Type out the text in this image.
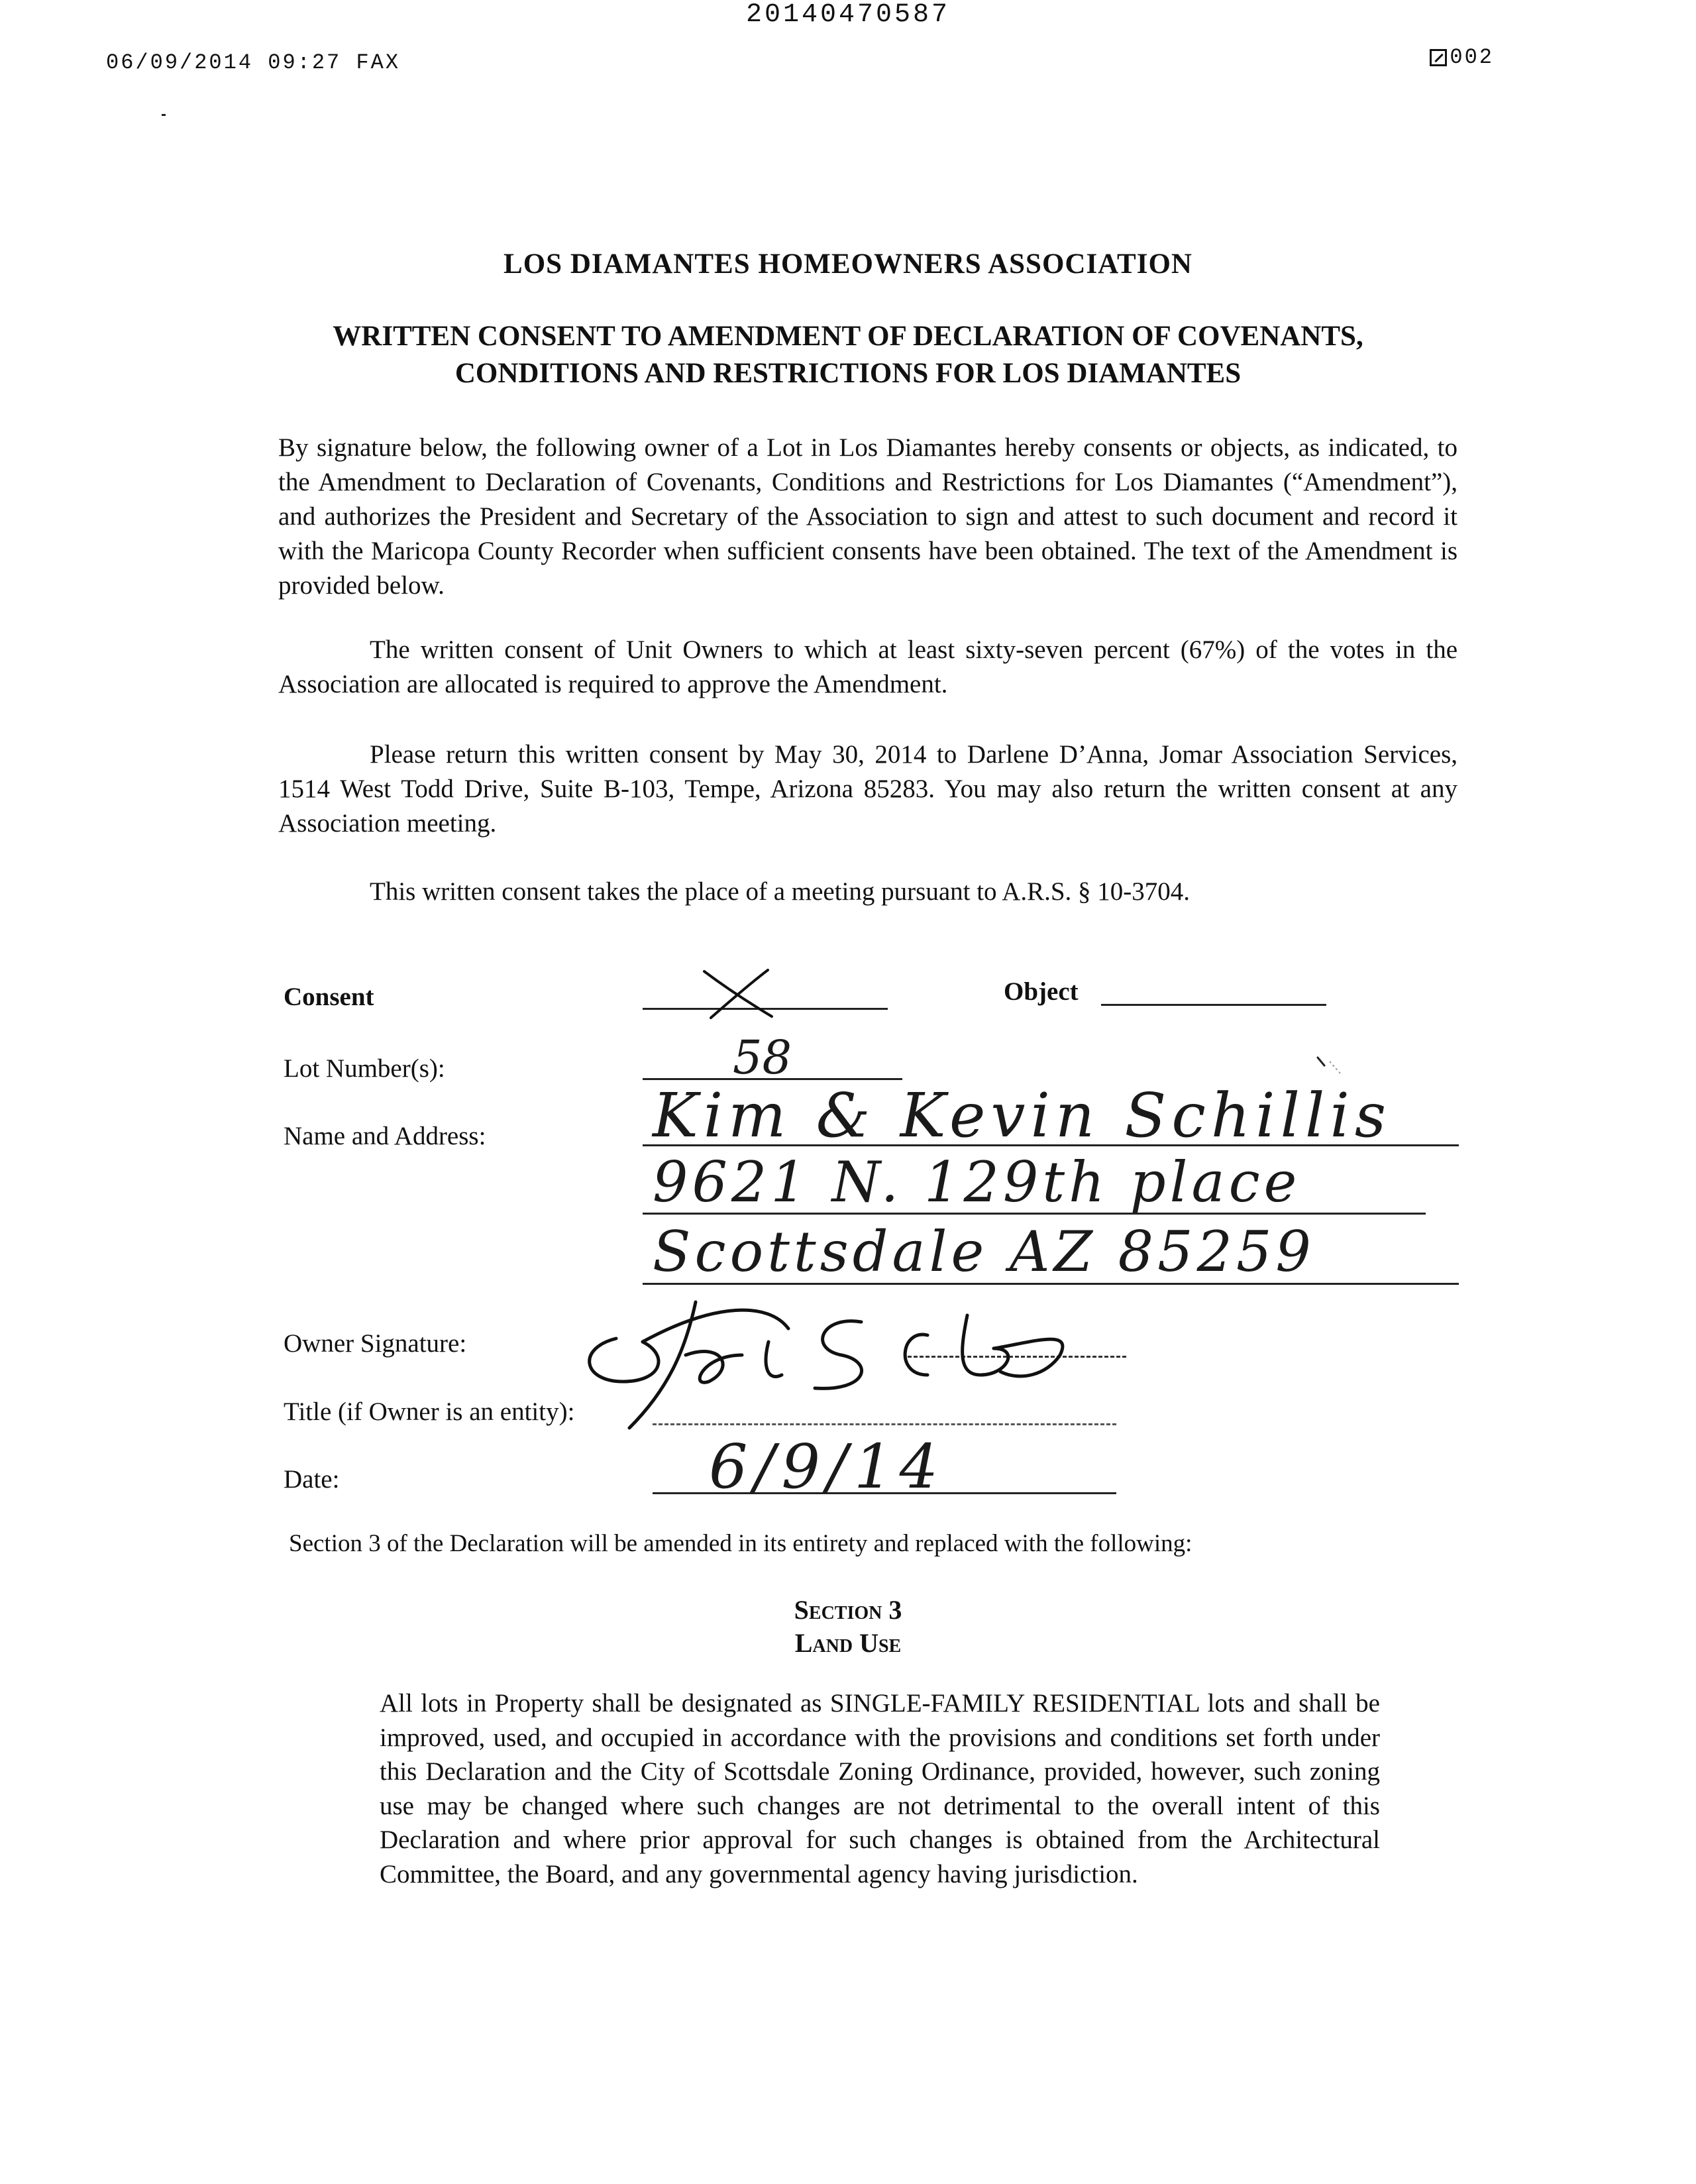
20140470587
06/09/2014 09:27 FAX	002
LOS DIAMANTES HOMEOWNERS ASSOCIATION
WRITTEN CONSENT TO AMENDMENT OF DECLARATION OF COVENANTS,
CONDITIONS AND RESTRICTIONS FOR LOS DIAMANTES
By signature below, the following owner of a Lot in Los Diamantes hereby consents or objects, as indicated, to the Amendment to Declaration of Covenants, Conditions and Restrictions for Los Diamantes (“Amendment”), and authorizes the President and Secretary of the Association to sign and attest to such document and record it with the Maricopa County Recorder when sufficient consents have been obtained. The text of the Amendment is provided below.
The written consent of Unit Owners to which at least sixty-seven percent (67%) of the votes in the Association are allocated is required to approve the Amendment.
Please return this written consent by May 30, 2014 to Darlene D’Anna, Jomar Association Services, 1514 West Todd Drive, Suite B-103, Tempe, Arizona 85283. You may also return the written consent at any Association meeting.
This written consent takes the place of a meeting pursuant to A.R.S. § 10-3704.
Consent	Object
Lot Number(s):
Name and Address:
Owner Signature:
Title (if Owner is an entity):
Date:
58
Kim & Kevin Schillis
9621 N. 129th place
Scottsdale AZ 85259
6/9/14
Section 3 of the Declaration will be amended in its entirety and replaced with the following:
Section 3
Land Use
All lots in Property shall be designated as SINGLE-FAMILY RESIDENTIAL lots and shall be improved, used, and occupied in accordance with the provisions and conditions set forth under this Declaration and the City of Scottsdale Zoning Ordinance, provided, however, such zoning use may be changed where such changes are not detrimental to the overall intent of this Declaration and where prior approval for such changes is obtained from the Architectural Committee, the Board, and any governmental agency having jurisdiction.
